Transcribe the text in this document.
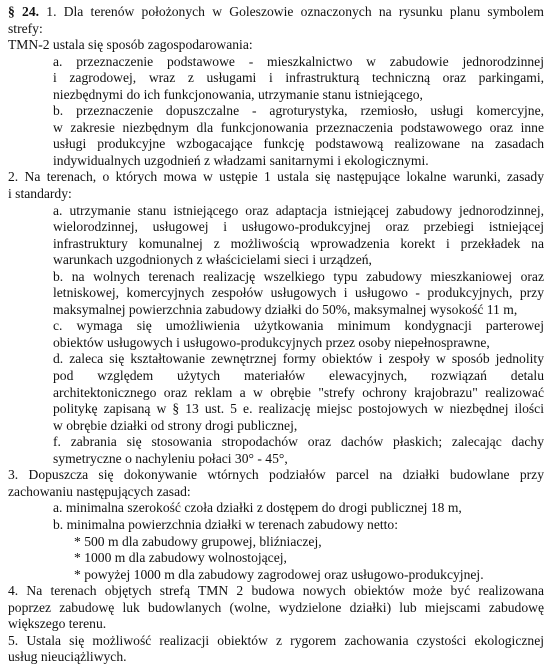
§ 24. 1. Dla terenów położonych w Goleszowie oznaczonych na rysunku planu symbolem

strefy:

TMN-2 ustala się sposób zagospodarowania:

a. przeznaczenie podstawowe - mieszkalnictwo w zabudowie jednorodzinnej

i zagrodowej, wraz z usługami i infrastrukturą techniczną oraz parkingami,

niezbędnymi do ich funkcjonowania, utrzymanie stanu istniejącego,

b. przeznaczenie dopuszczalne - agroturystyka, rzemiosło, usługi komercyjne,

w zakresie niezbędnym dla funkcjonowania przeznaczenia podstawowego oraz inne

usługi produkcyjne wzbogacające funkcję podstawową realizowane na zasadach

indywidualnych uzgodnień z władzami sanitarnymi i ekologicznymi.

2. Na terenach, o których mowa w ustępie 1 ustala się następujące lokalne warunki, zasady

i standardy:

a. utrzymanie stanu istniejącego oraz adaptacja istniejącej zabudowy jednorodzinnej,

wielorodzinnej, usługowej i usługowo-produkcyjnej oraz przebiegi istniejącej

infrastruktury komunalnej z możliwością wprowadzenia korekt i przekładek na

warunkach uzgodnionych z właścicielami sieci i urządzeń,

b. na wolnych terenach realizację wszelkiego typu zabudowy mieszkaniowej oraz

letniskowej, komercyjnych zespołów usługowych i usługowo - produkcyjnych, przy

maksymalnej powierzchnia zabudowy działki do 50%, maksymalnej wysokość 11 m,

c. wymaga się umożliwienia użytkowania minimum kondygnacji parterowej

obiektów usługowych i usługowo-produkcyjnych przez osoby niepełnosprawne,

d. zaleca się kształtowanie zewnętrznej formy obiektów i zespoły w sposób jednolity

pod względem użytych materiałów elewacyjnych, rozwiązań detalu

architektonicznego oraz reklam a w obrębie "strefy ochrony krajobrazu" realizować

politykę zapisaną w § 13 ust. 5 e. realizację miejsc postojowych w niezbędnej ilości

w obrębie działki od strony drogi publicznej,

f. zabrania się stosowania stropodachów oraz dachów płaskich; zalecając dachy

symetryczne o nachyleniu połaci 30° - 45°,

3. Dopuszcza się dokonywanie wtórnych podziałów parcel na działki budowlane przy

zachowaniu następujących zasad:

a. minimalna szerokość czoła działki z dostępem do drogi publicznej 18 m,

b. minimalna powierzchnia działki w terenach zabudowy netto:

* 500 m dla zabudowy grupowej, bliźniaczej,

* 1000 m dla zabudowy wolnostojącej,

* powyżej 1000 m dla zabudowy zagrodowej oraz usługowo-produkcyjnej.

4. Na terenach objętych strefą TMN 2 budowa nowych obiektów może być realizowana

poprzez zabudowę luk budowlanych (wolne, wydzielone działki) lub miejscami zabudowę

większego terenu.

5. Ustala się możliwość realizacji obiektów z rygorem zachowania czystości ekologicznej

usług nieuciążliwych.
